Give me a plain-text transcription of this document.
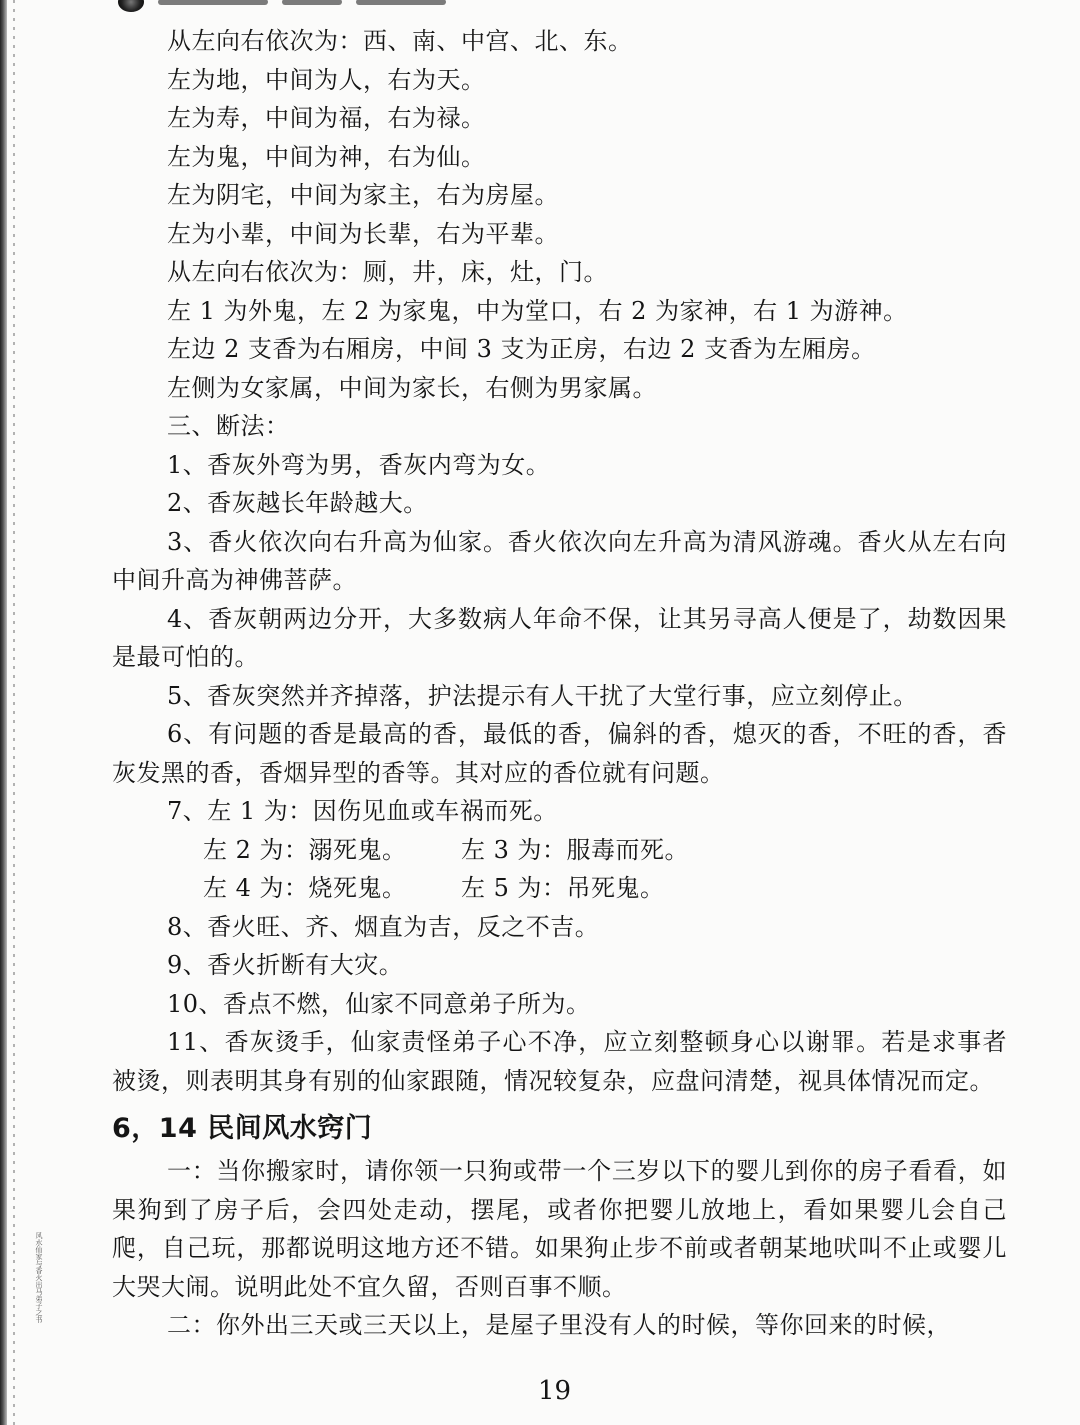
从左向右依次为：西、南、中宫、北、东。
左为地，中间为人，右为天。
左为寿，中间为福，右为禄。
左为鬼，中间为神，右为仙。
左为阴宅，中间为家主，右为房屋。
左为小辈，中间为长辈，右为平辈。
从左向右依次为：厕，井，床，灶，门。
左 1 为外鬼，左 2 为家鬼，中为堂口，右 2 为家神，右 1 为游神。
左边 2 支香为右厢房，中间 3 支为正房，右边 2 支香为左厢房。
左侧为女家属，中间为家长，右侧为男家属。
三、断法：
1、香灰外弯为男，香灰内弯为女。
2、香灰越长年龄越大。
3、香火依次向右升高为仙家。香火依次向左升高为清风游魂。香火从左右向中间升高为神佛菩萨。
4、香灰朝两边分开，大多数病人年命不保，让其另寻高人便是了，劫数因果是最可怕的。
5、香灰突然并齐掉落，护法提示有人干扰了大堂行事，应立刻停止。
6、有问题的香是最高的香，最低的香，偏斜的香，熄灭的香，不旺的香，香灰发黑的香，香烟异型的香等。其对应的香位就有问题。
7、左 1 为：因伤见血或车祸而死。
左 2 为：溺死鬼。	左 3 为：服毒而死。
左 4 为：烧死鬼。	左 5 为：吊死鬼。
8、香火旺、齐、烟直为吉，反之不吉。
9、香火折断有大灾。
10、香点不燃，仙家不同意弟子所为。
11、香灰烫手，仙家责怪弟子心不净，应立刻整顿身心以谢罪。若是求事者被烫，则表明其身有别的仙家跟随，情况较复杂，应盘问清楚，视具体情况而定。
6，14 民间风水窍门
一：当你搬家时，请你领一只狗或带一个三岁以下的婴儿到你的房子看看，如果狗到了房子后，会四处走动，摆尾，或者你把婴儿放地上，看如果婴儿会自己爬，自己玩，那都说明这地方还不错。如果狗止步不前或者朝某地吠叫不止或婴儿大哭大闹。说明此处不宜久留，否则百事不顺。
二：你外出三天或三天以上，是屋子里没有人的时候，等你回来的时候，
风水仙家与香火出马弟子之书
19
